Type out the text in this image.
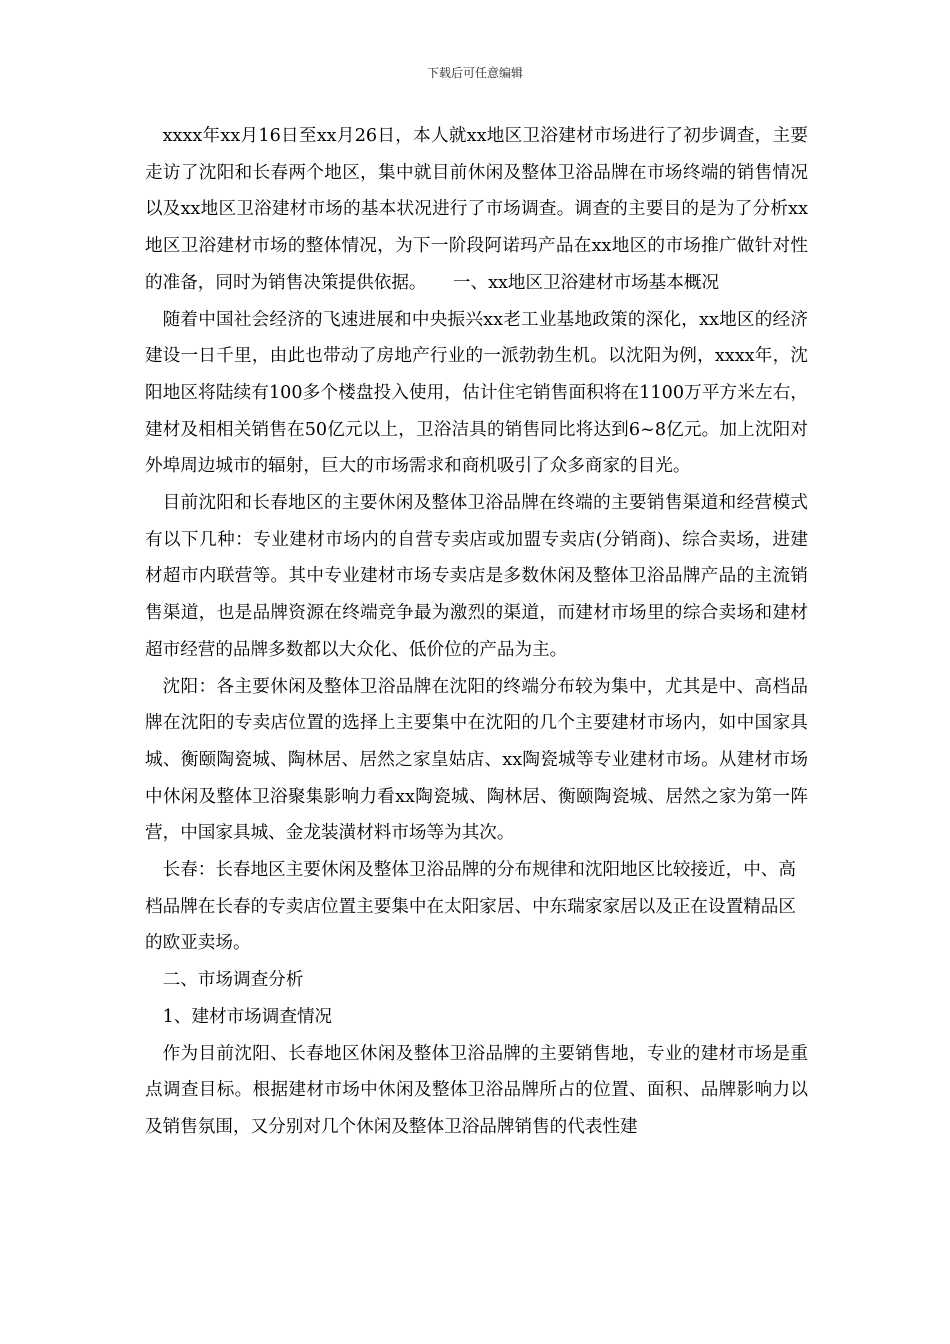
下载后可任意编辑

xxxx年xx月16日至xx月26日，本人就xx地区卫浴建材市场进行了初步调查，主要走访了沈阳和长春两个地区，集中就目前休闲及整体卫浴品牌在市场终端的销售情况以及xx地区卫浴建材市场的基本状况进行了市场调查。调查的主要目的是为了分析xx地区卫浴建材市场的整体情况，为下一阶段阿诺玛产品在xx地区的市场推广做针对性的准备，同时为销售决策提供依据。　　一、xx地区卫浴建材市场基本概况

随着中国社会经济的飞速进展和中央振兴xx老工业基地政策的深化，xx地区的经济建设一日千里，由此也带动了房地产行业的一派勃勃生机。以沈阳为例，xxxx年，沈阳地区将陆续有100多个楼盘投入使用，估计住宅销售面积将在1100万平方米左右，建材及相相关销售在50亿元以上，卫浴洁具的销售同比将达到6~8亿元。加上沈阳对外埠周边城市的辐射，巨大的市场需求和商机吸引了众多商家的目光。

目前沈阳和长春地区的主要休闲及整体卫浴品牌在终端的主要销售渠道和经营模式有以下几种：专业建材市场内的自营专卖店或加盟专卖店(分销商)、综合卖场，进建材超市内联营等。其中专业建材市场专卖店是多数休闲及整体卫浴品牌产品的主流销售渠道，也是品牌资源在终端竞争最为激烈的渠道，而建材市场里的综合卖场和建材超市经营的品牌多数都以大众化、低价位的产品为主。

沈阳：各主要休闲及整体卫浴品牌在沈阳的终端分布较为集中，尤其是中、高档品牌在沈阳的专卖店位置的选择上主要集中在沈阳的几个主要建材市场内，如中国家具城、衡颐陶瓷城、陶林居、居然之家皇姑店、xx陶瓷城等专业建材市场。从建材市场中休闲及整体卫浴聚集影响力看xx陶瓷城、陶林居、衡颐陶瓷城、居然之家为第一阵营，中国家具城、金龙装潢材料市场等为其次。

长春：长春地区主要休闲及整体卫浴品牌的分布规律和沈阳地区比较接近，中、高档品牌在长春的专卖店位置主要集中在太阳家居、中东瑞家家居以及正在设置精品区的欧亚卖场。

二、市场调查分析

1、建材市场调查情况

作为目前沈阳、长春地区休闲及整体卫浴品牌的主要销售地，专业的建材市场是重点调查目标。根据建材市场中休闲及整体卫浴品牌所占的位置、面积、品牌影响力以及销售氛围，又分别对几个休闲及整体卫浴品牌销售的代表性建
